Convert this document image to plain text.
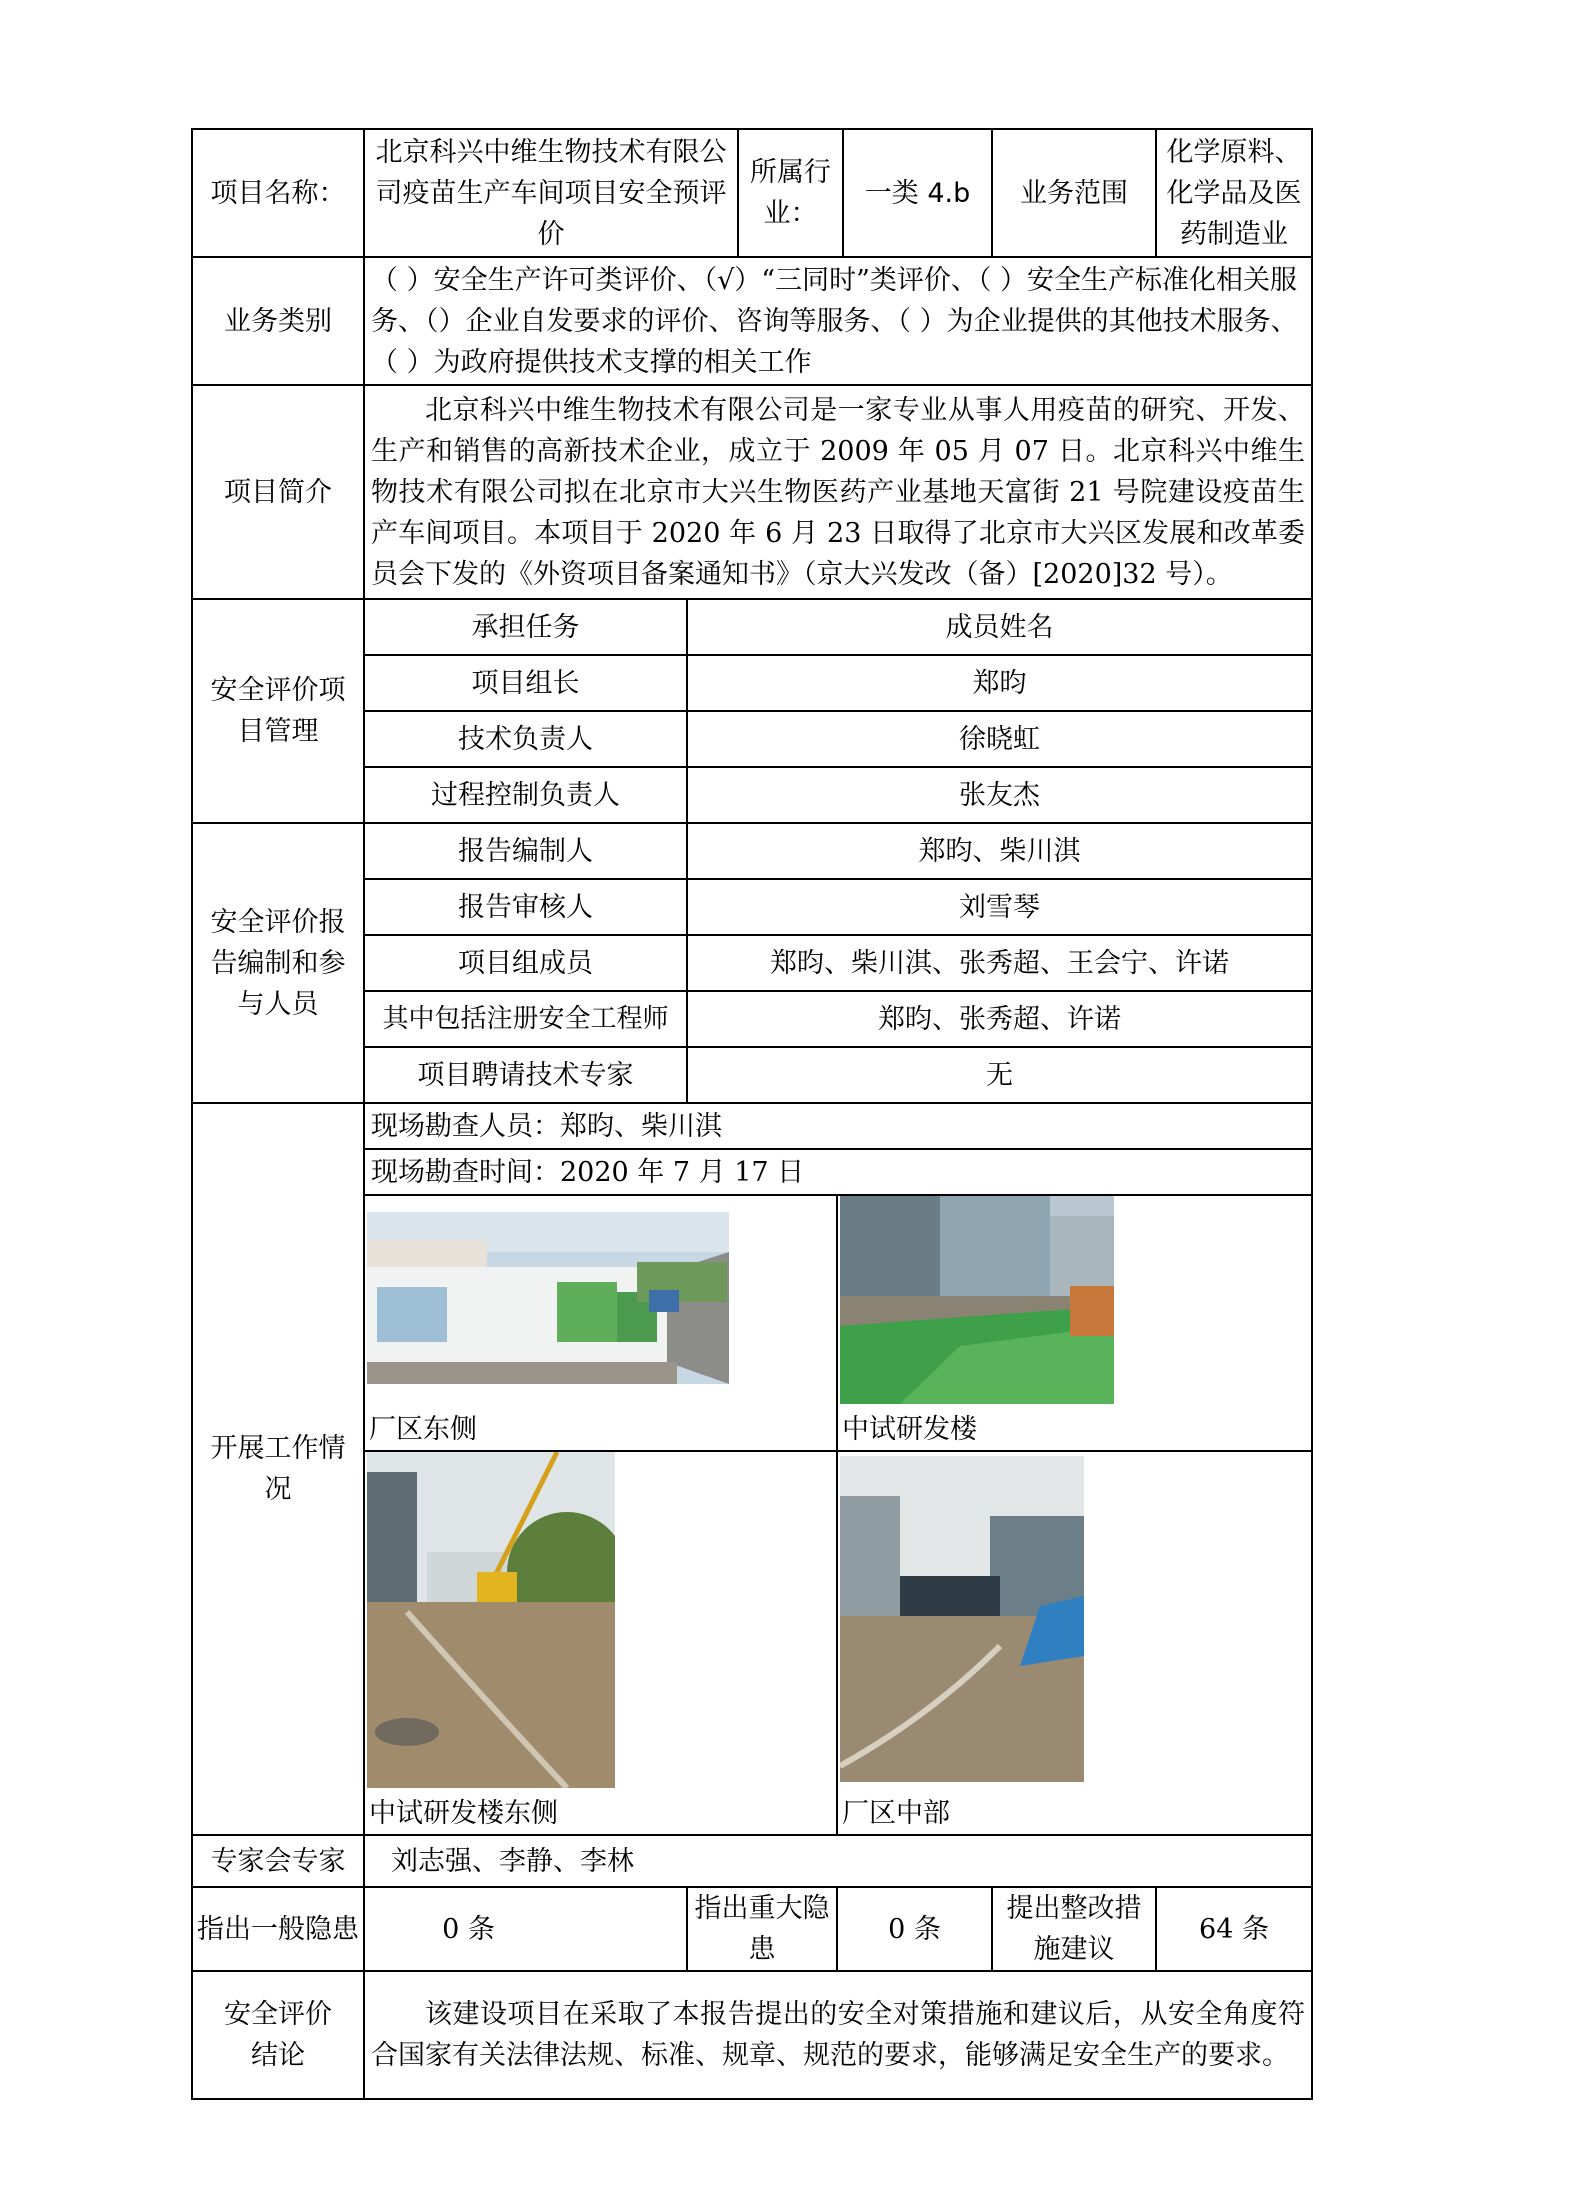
项目名称：	北京科兴中维生物技术有限公司疫苗生产车间项目安全预评价		所属行业：		一类 4.b	业务范围	化学原料、化学品及医药制造业
业务类别	（ ）安全生产许可类评价、（√）“三同时”类评价、（ ）安全生产标准化相关服务、（）企业自发要求的评价、咨询等服务、（ ）为企业提供的其他技术服务、（ ）为政府提供技术支撑的相关工作						
项目简介	北京科兴中维生物技术有限公司是一家专业从事人用疫苗的研究、开发、生产和销售的高新技术企业，成立于 2009 年 05 月 07 日。北京科兴中维生物技术有限公司拟在北京市大兴生物医药产业基地天富街 21 号院建设疫苗生产车间项目。本项目于 2020 年 6 月 23 日取得了北京市大兴区发展和改革委员会下发的《外资项目备案通知书》（京大兴发改（备）[2020]32 号）。						
安全评价项目管理	承担任务	成员姓名					
	项目组长	郑昀					
	技术负责人	徐晓虹					
	过程控制负责人	张友杰					
安全评价报告编制和参与人员	报告编制人	郑昀、柴川淇					
	报告审核人	刘雪琴					
	项目组成员	郑昀、柴川淇、张秀超、王会宁、许诺					
	其中包括注册安全工程师	郑昀、张秀超、许诺					
	项目聘请技术专家	无					
开展工作情况	现场勘查人员：郑昀、柴川淇						
	现场勘查时间：2020 年 7 月 17 日						

	厂区东侧			中试研发楼			

	中试研发楼东侧			厂区中部			

专家会专家	刘志强、李静、李林						
指出一般隐患	0 条	指出重大隐患		0 条		提出整改措施建议	64 条
安全评价结论	该建设项目在采取了本报告提出的安全对策措施和建议后，从安全角度符合国家有关法律法规、标准、规章、规范的要求，能够满足安全生产的要求。						
